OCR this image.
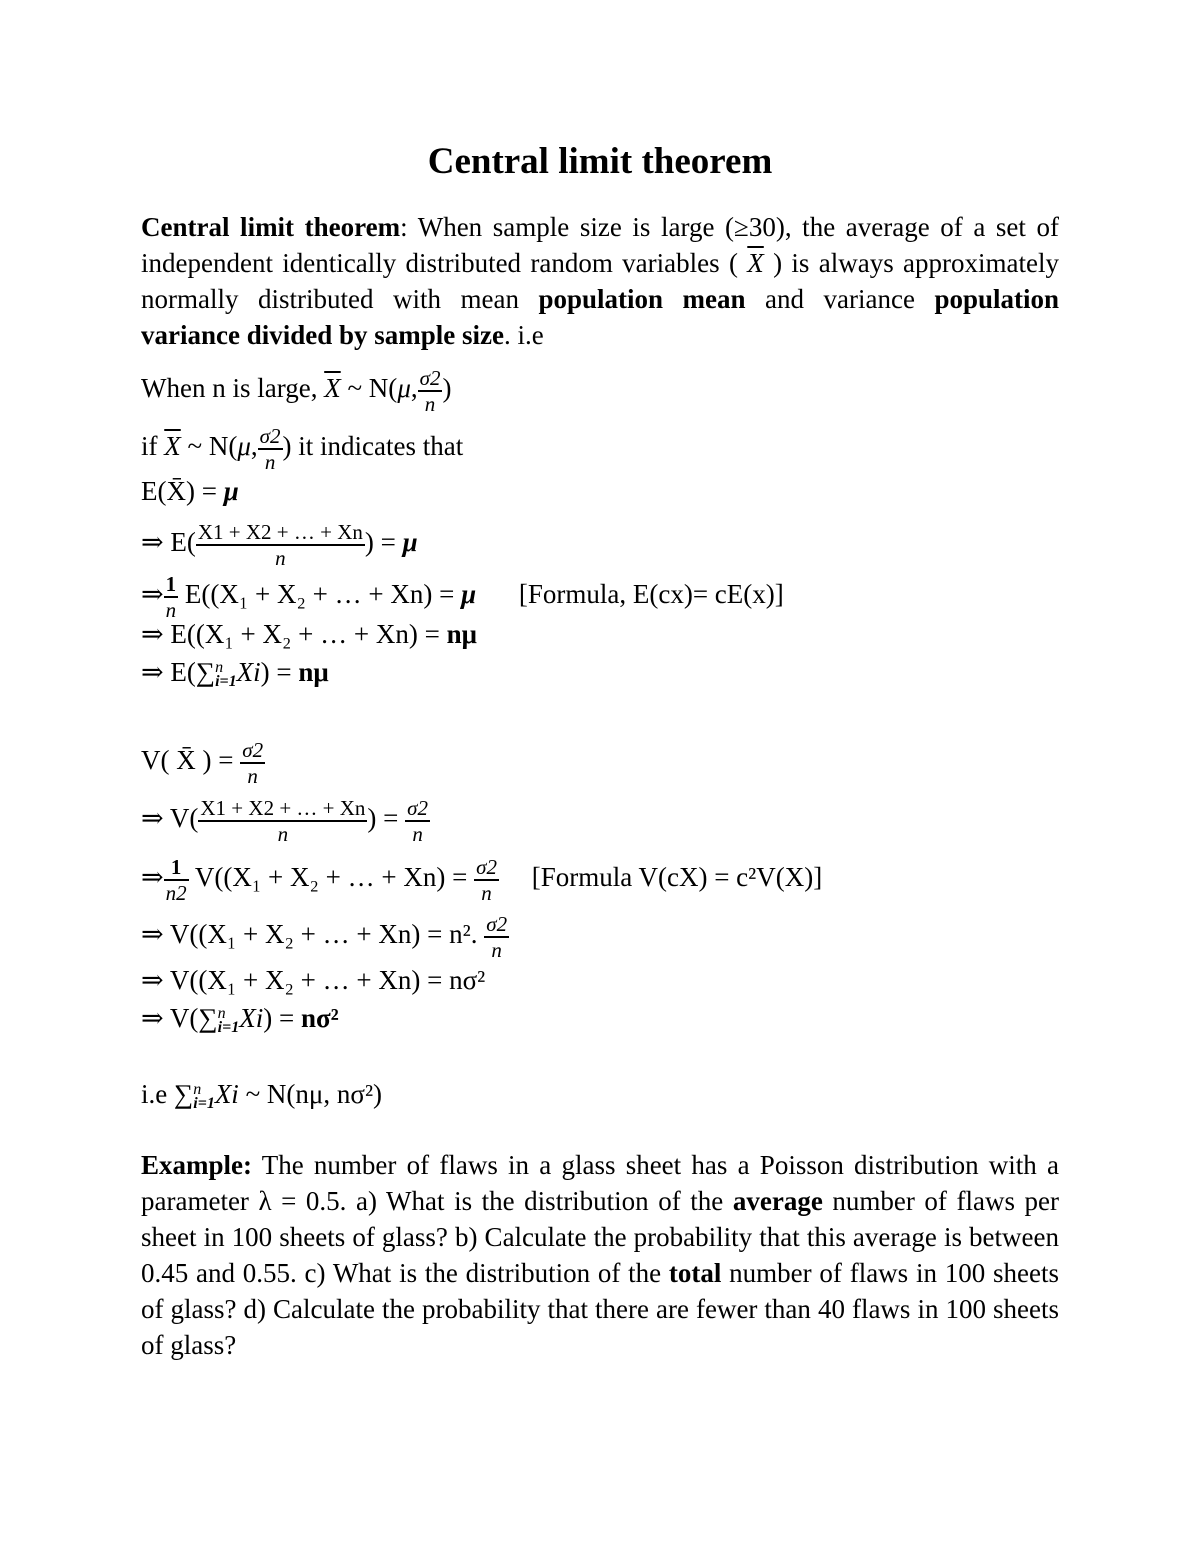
Central limit theorem
Central limit theorem: When sample size is large (≥30), the average of a set of independent identically distributed random variables ( $\overline{X}$ ) is always approximately normally distributed with mean population mean and variance population variance divided by sample size. i.e
When n is large, $\overline{X}$ ~ N(μ, $\frac{\sigma 2}{n}$ )
if $\overline{X}$ ~ N(μ, $\frac{\sigma 2}{n}$ ) it indicates that
E(X̄) = μ
⇒ $E( \frac{X1 + X2 + \dots + Xn}{n}$ ) = μ
⇒ $\frac{1}{n} E((X_1 + X_2$ + … + Xn) = μ [Formula, E(cx)= cE(x)]
⇒ E((X₁ + X₂ + … + Xn) = nμ
⇒ E(∑ n
i=1 Xi) = nμ
V( X̄ ) = $\frac{\sigma 2}{n}$
⇒ $V( \frac{X1 + X2 + \dots + Xn}{n}$ ) = $\frac{\sigma 2}{n}$
⇒ $\frac{1}{n2} V((X_1 + X_2$ + … + $Xn) = \frac{\sigma 2}{n}$ [Formula V(cX) = c²V(X)]
⇒ V((X₁ + X₂ + … + Xn) = n². $\frac{\sigma 2}{n}$
⇒ V((X₁ + X₂ + … + Xn) = nσ²
⇒ V(∑ n
i=1 Xi) = nσ²
i.e ∑ n
i=1 Xi ~ N(nμ, nσ²)
Example: The number of flaws in a glass sheet has a Poisson distribution with a parameter λ = 0.5. a) What is the distribution of the average number of flaws per sheet in 100 sheets of glass? b) Calculate the probability that this average is between 0.45 and 0.55. c) What is the distribution of the total number of flaws in 100 sheets of glass? d) Calculate the probability that there are fewer than 40 flaws in 100 sheets of glass?
